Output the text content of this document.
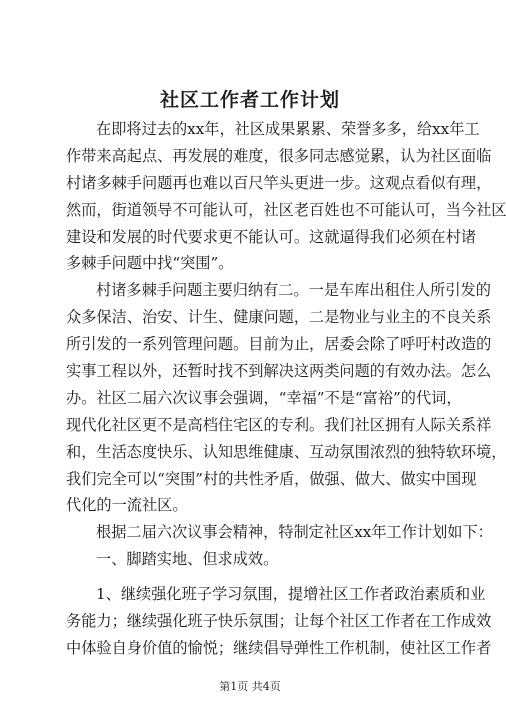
社区工作者工作计划
在即将过去的xx年，社区成果累累、荣誉多多，给xx年工
作带来高起点、再发展的难度，很多同志感觉累，认为社区面临
村诸多棘手问题再也难以百尺竿头更进一步。这观点看似有理，
然而，街道领导不可能认可，社区老百姓也不可能认可，当今社区
建设和发展的时代要求更不能认可。这就逼得我们必须在村诸
多棘手问题中找“突围”。
村诸多棘手问题主要归纳有二。一是车库出租住人所引发的
众多保洁、治安、计生、健康问题，二是物业与业主的不良关系
所引发的一系列管理问题。目前为止，居委会除了呼吁村改造的
实事工程以外，还暂时找不到解决这两类问题的有效办法。怎么
办。社区二届六次议事会强调，“幸福”不是“富裕”的代词，
现代化社区更不是高档住宅区的专利。我们社区拥有人际关系祥
和，生活态度快乐、认知思维健康、互动氛围浓烈的独特软环境，
我们完全可以“突围”村的共性矛盾，做强、做大、做实中国现
代化的一流社区。
根据二届六次议事会精神，特制定社区xx年工作计划如下：
一、脚踏实地、但求成效。
1、继续强化班子学习氛围，提增社区工作者政治素质和业
务能力；继续强化班子快乐氛围；让每个社区工作者在工作成效
中体验自身价值的愉悦；继续倡导弹性工作机制，使社区工作者
第1页 共4页
